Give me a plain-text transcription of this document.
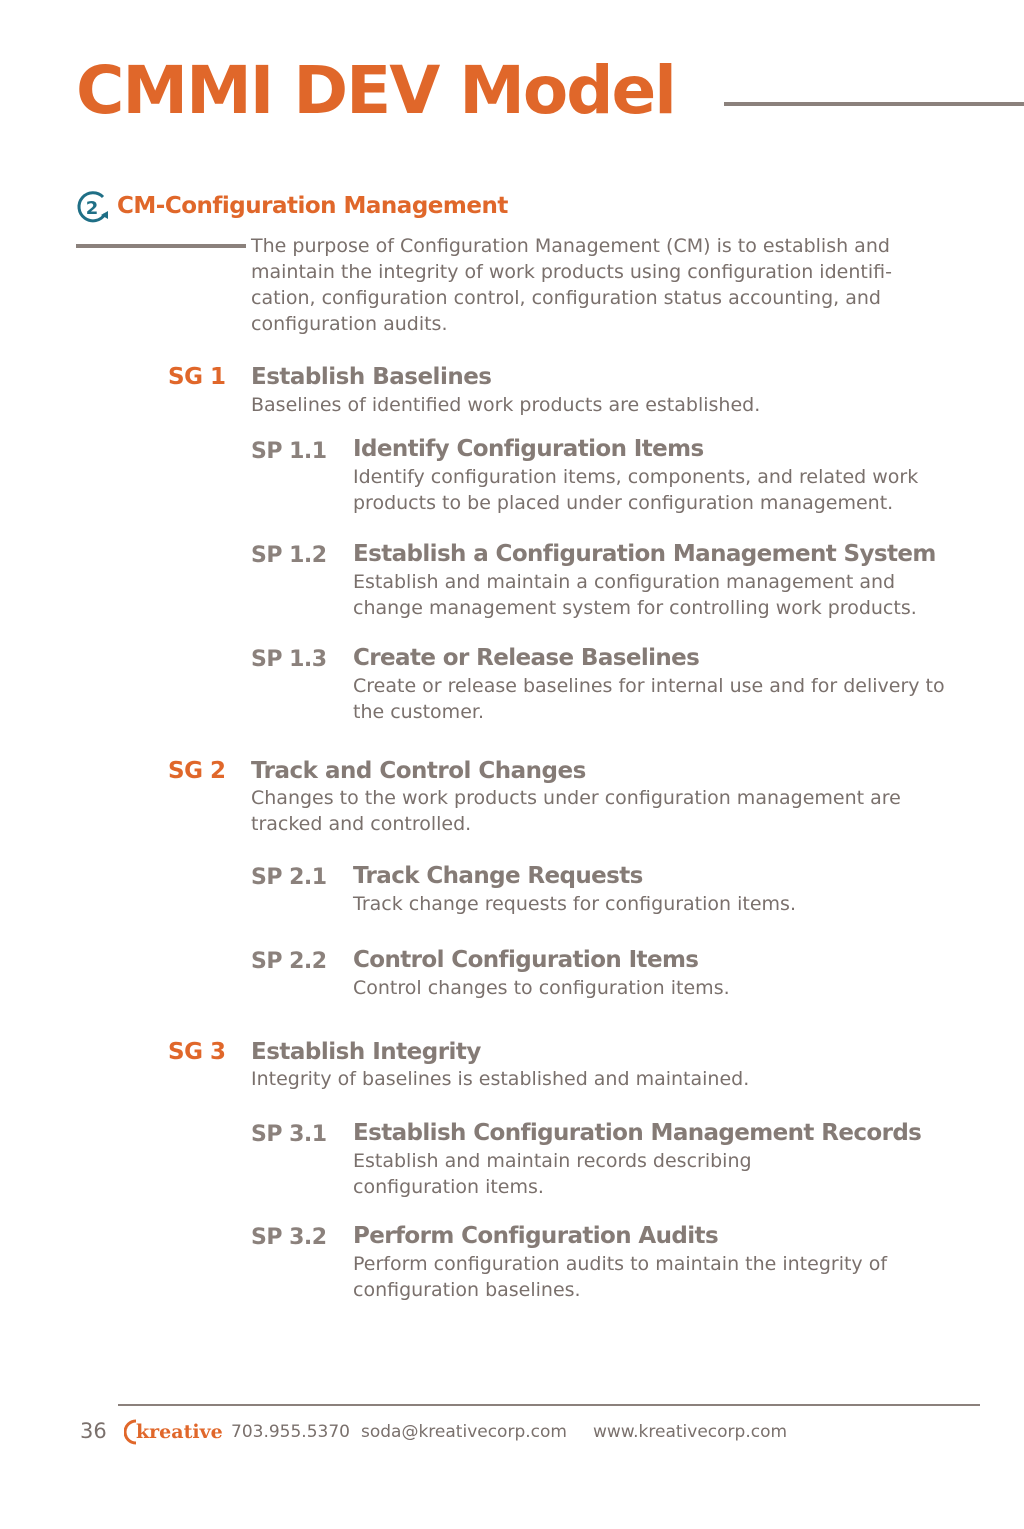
CMMI DEV Model
2 CM-Configuration Management
The purpose of Configuration Management (CM) is to establish and maintain the integrity of work products using configuration identifi-cation, configuration control, configuration status accounting, and configuration audits.
SG 1 Establish Baselines
Baselines of identified work products are established.
SP 1.1 Identify Configuration Items
Identify configuration items, components, and related work products to be placed under configuration management.
SP 1.2 Establish a Configuration Management System
Establish and maintain a configuration management and change management system for controlling work products.
SP 1.3 Create or Release Baselines
Create or release baselines for internal use and for delivery to the customer.
SG 2 Track and Control Changes
Changes to the work products under configuration management are tracked and controlled.
SP 2.1 Track Change Requests
Track change requests for configuration items.
SP 2.2 Control Configuration Items
Control changes to configuration items.
SG 3 Establish Integrity
Integrity of baselines is established and maintained.
SP 3.1 Establish Configuration Management Records
Establish and maintain records describing configuration items.
SP 3.2 Perform Configuration Audits
Perform configuration audits to maintain the integrity of configuration baselines.
36 kreative 703.955.5370 soda@kreativecorp.com www.kreativecorp.com
